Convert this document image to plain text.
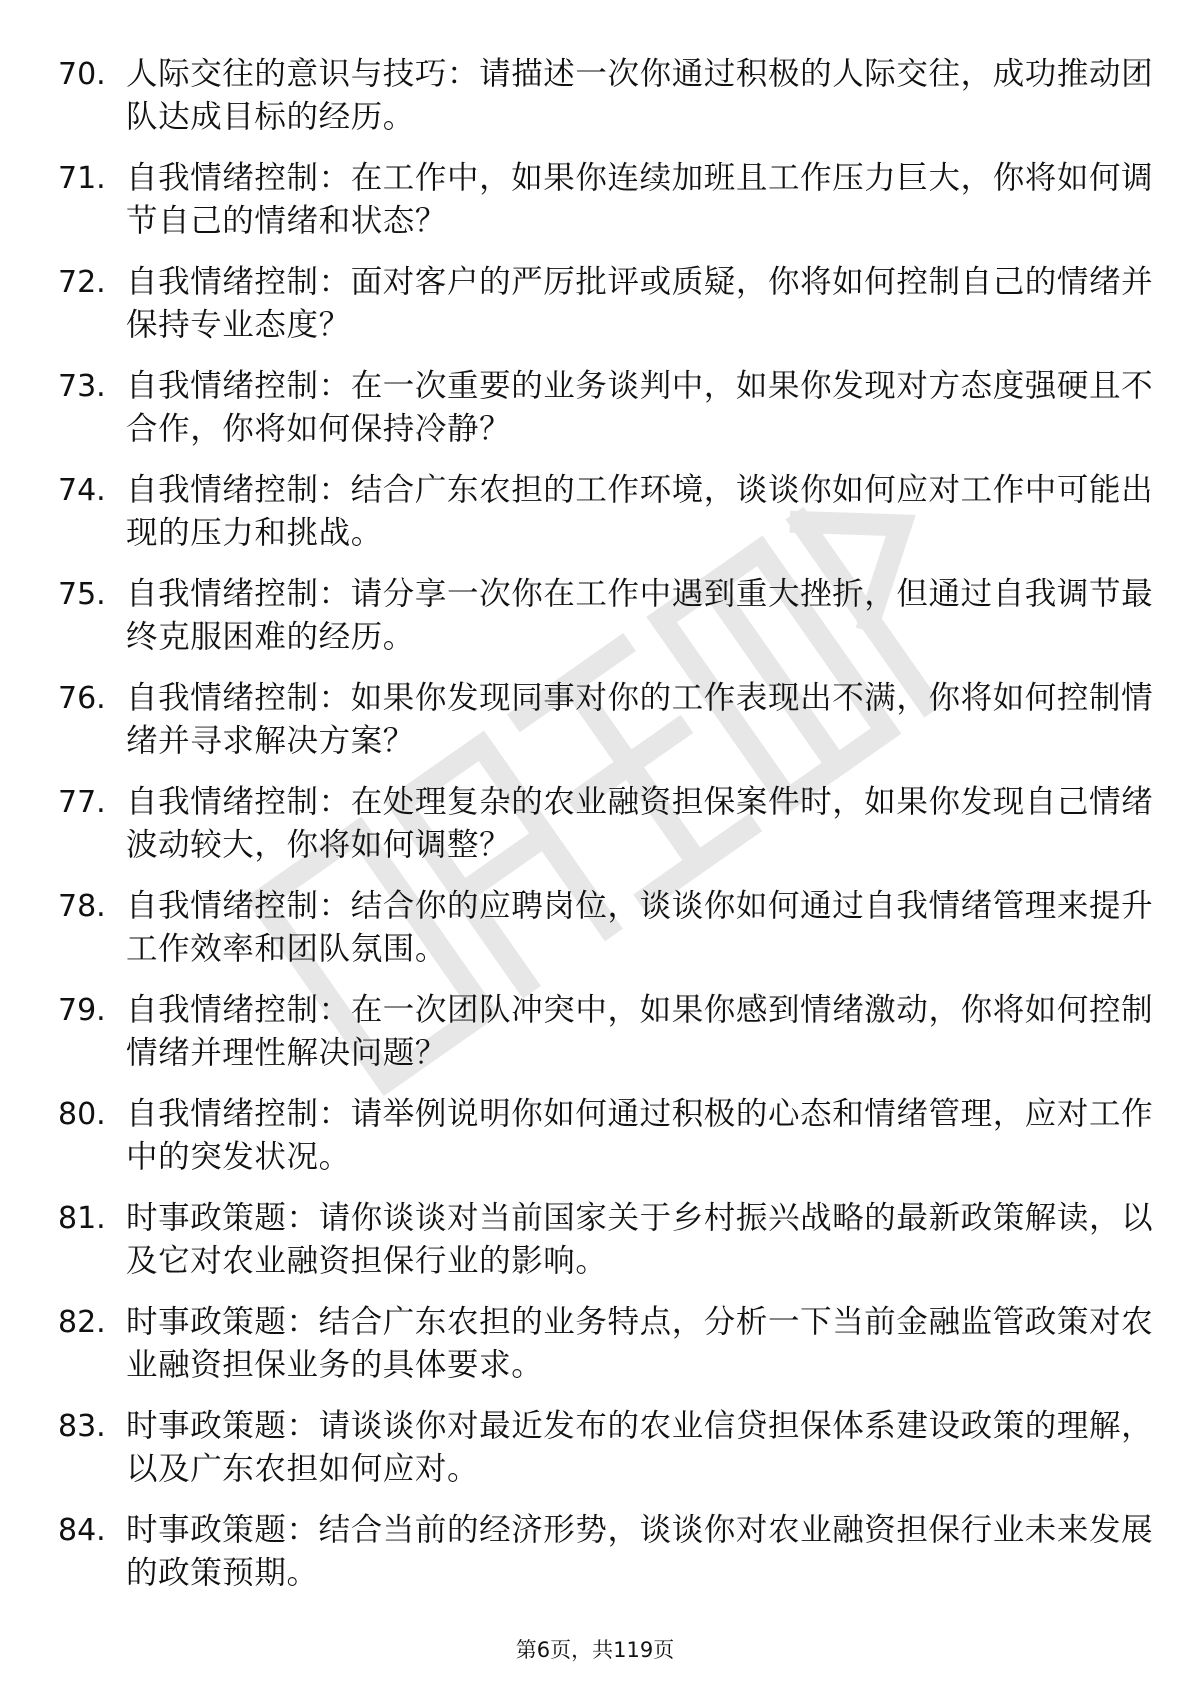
70. 人际交往的意识与技巧：请描述一次你通过积极的人际交往，成功推动团队达成目标的经历。
71. 自我情绪控制：在工作中，如果你连续加班且工作压力巨大，你将如何调节自己的情绪和状态？
72. 自我情绪控制：面对客户的严厉批评或质疑，你将如何控制自己的情绪并保持专业态度？
73. 自我情绪控制：在一次重要的业务谈判中，如果你发现对方态度强硬且不合作，你将如何保持冷静？
74. 自我情绪控制：结合广东农担的工作环境，谈谈你如何应对工作中可能出现的压力和挑战。
75. 自我情绪控制：请分享一次你在工作中遇到重大挫折，但通过自我调节最终克服困难的经历。
76. 自我情绪控制：如果你发现同事对你的工作表现出不满，你将如何控制情绪并寻求解决方案？
77. 自我情绪控制：在处理复杂的农业融资担保案件时，如果你发现自己情绪波动较大，你将如何调整？
78. 自我情绪控制：结合你的应聘岗位，谈谈你如何通过自我情绪管理来提升工作效率和团队氛围。
79. 自我情绪控制：在一次团队冲突中，如果你感到情绪激动，你将如何控制情绪并理性解决问题？
80. 自我情绪控制：请举例说明你如何通过积极的心态和情绪管理，应对工作中的突发状况。
81. 时事政策题：请你谈谈对当前国家关于乡村振兴战略的最新政策解读，以及它对农业融资担保行业的影响。
82. 时事政策题：结合广东农担的业务特点，分析一下当前金融监管政策对农业融资担保业务的具体要求。
83. 时事政策题：请谈谈你对最近发布的农业信贷担保体系建设政策的理解，以及广东农担如何应对。
84. 时事政策题：结合当前的经济形势，谈谈你对农业融资担保行业未来发展的政策预期。
第6页，共119页
